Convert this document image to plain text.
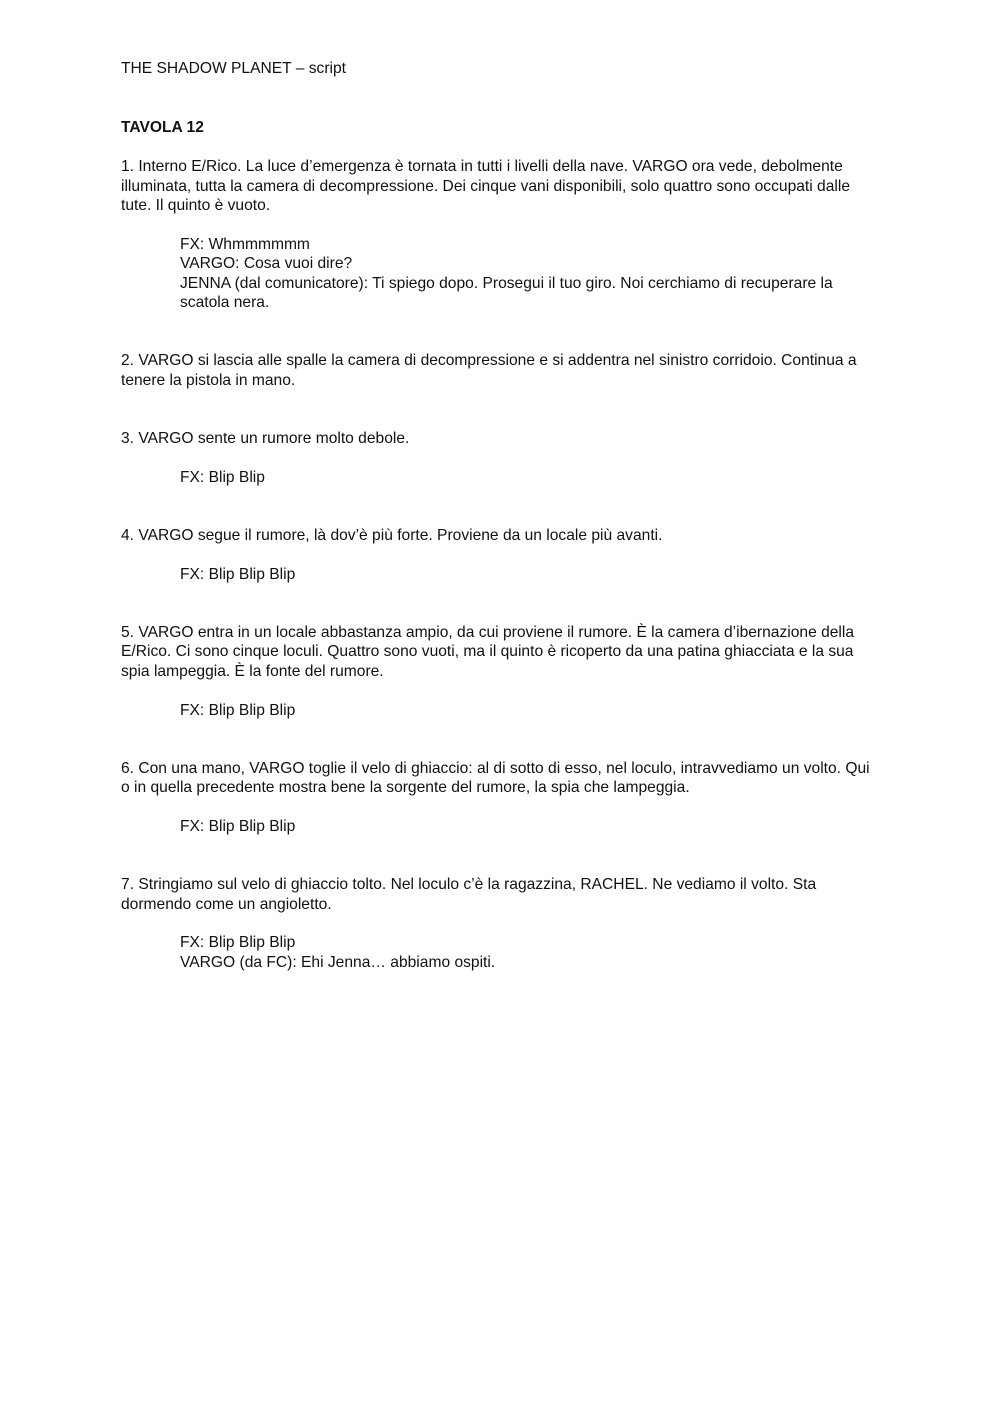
THE SHADOW PLANET – script

TAVOLA 12

1. Interno E/Rico. La luce d’emergenza è tornata in tutti i livelli della nave. VARGO ora vede, debolmente illuminata, tutta la camera di decompressione. Dei cinque vani disponibili, solo quattro sono occupati dalle tute. Il quinto è vuoto.

FX: Whmmmmmm
VARGO: Cosa vuoi dire?
JENNA (dal comunicatore): Ti spiego dopo. Prosegui il tuo giro. Noi cerchiamo di recuperare la scatola nera.

2. VARGO si lascia alle spalle la camera di decompressione e si addentra nel sinistro corridoio. Continua a tenere la pistola in mano.

3. VARGO sente un rumore molto debole.

FX: Blip Blip

4. VARGO segue il rumore, là dov’è più forte. Proviene da un locale più avanti.

FX: Blip Blip Blip

5. VARGO entra in un locale abbastanza ampio, da cui proviene il rumore. È la camera d’ibernazione della E/Rico. Ci sono cinque loculi. Quattro sono vuoti, ma il quinto è ricoperto da una patina ghiacciata e la sua spia lampeggia. È la fonte del rumore.

FX: Blip Blip Blip

6. Con una mano, VARGO toglie il velo di ghiaccio: al di sotto di esso, nel loculo, intravvediamo un volto. Qui o in quella precedente mostra bene la sorgente del rumore, la spia che lampeggia.

FX: Blip Blip Blip

7. Stringiamo sul velo di ghiaccio tolto. Nel loculo c’è la ragazzina, RACHEL. Ne vediamo il volto. Sta dormendo come un angioletto.

FX: Blip Blip Blip
VARGO (da FC): Ehi Jenna… abbiamo ospiti.
